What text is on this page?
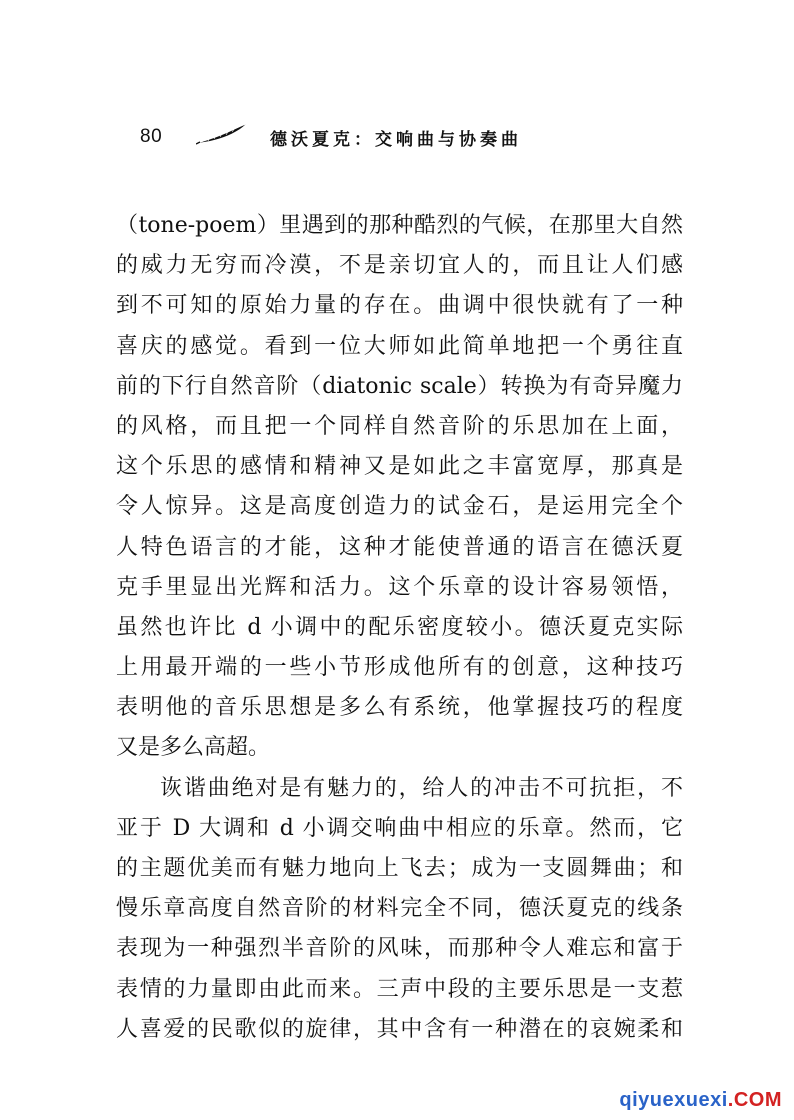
80	德沃夏克：交响曲与协奏曲
（tone-poem）里遇到的那种酷烈的气候，在那里大自然
的威力无穷而冷漠，不是亲切宜人的，而且让人们感
到不可知的原始力量的存在。曲调中很快就有了一种
喜庆的感觉。看到一位大师如此简单地把一个勇往直
前的下行自然音阶（diatonic scale）转换为有奇异魔力
的风格，而且把一个同样自然音阶的乐思加在上面，
这个乐思的感情和精神又是如此之丰富宽厚，那真是
令人惊异。这是高度创造力的试金石，是运用完全个
人特色语言的才能，这种才能使普通的语言在德沃夏
克手里显出光辉和活力。这个乐章的设计容易领悟，
虽然也许比 d 小调中的配乐密度较小。德沃夏克实际
上用最开端的一些小节形成他所有的创意，这种技巧
表明他的音乐思想是多么有系统，他掌握技巧的程度
又是多么高超。
诙谐曲绝对是有魅力的，给人的冲击不可抗拒，不
亚于 D 大调和 d 小调交响曲中相应的乐章。然而，它
的主题优美而有魅力地向上飞去；成为一支圆舞曲；和
慢乐章高度自然音阶的材料完全不同，德沃夏克的线条
表现为一种强烈半音阶的风味，而那种令人难忘和富于
表情的力量即由此而来。三声中段的主要乐思是一支惹
人喜爱的民歌似的旋律，其中含有一种潜在的哀婉柔和
qiyuexuexi . COM
